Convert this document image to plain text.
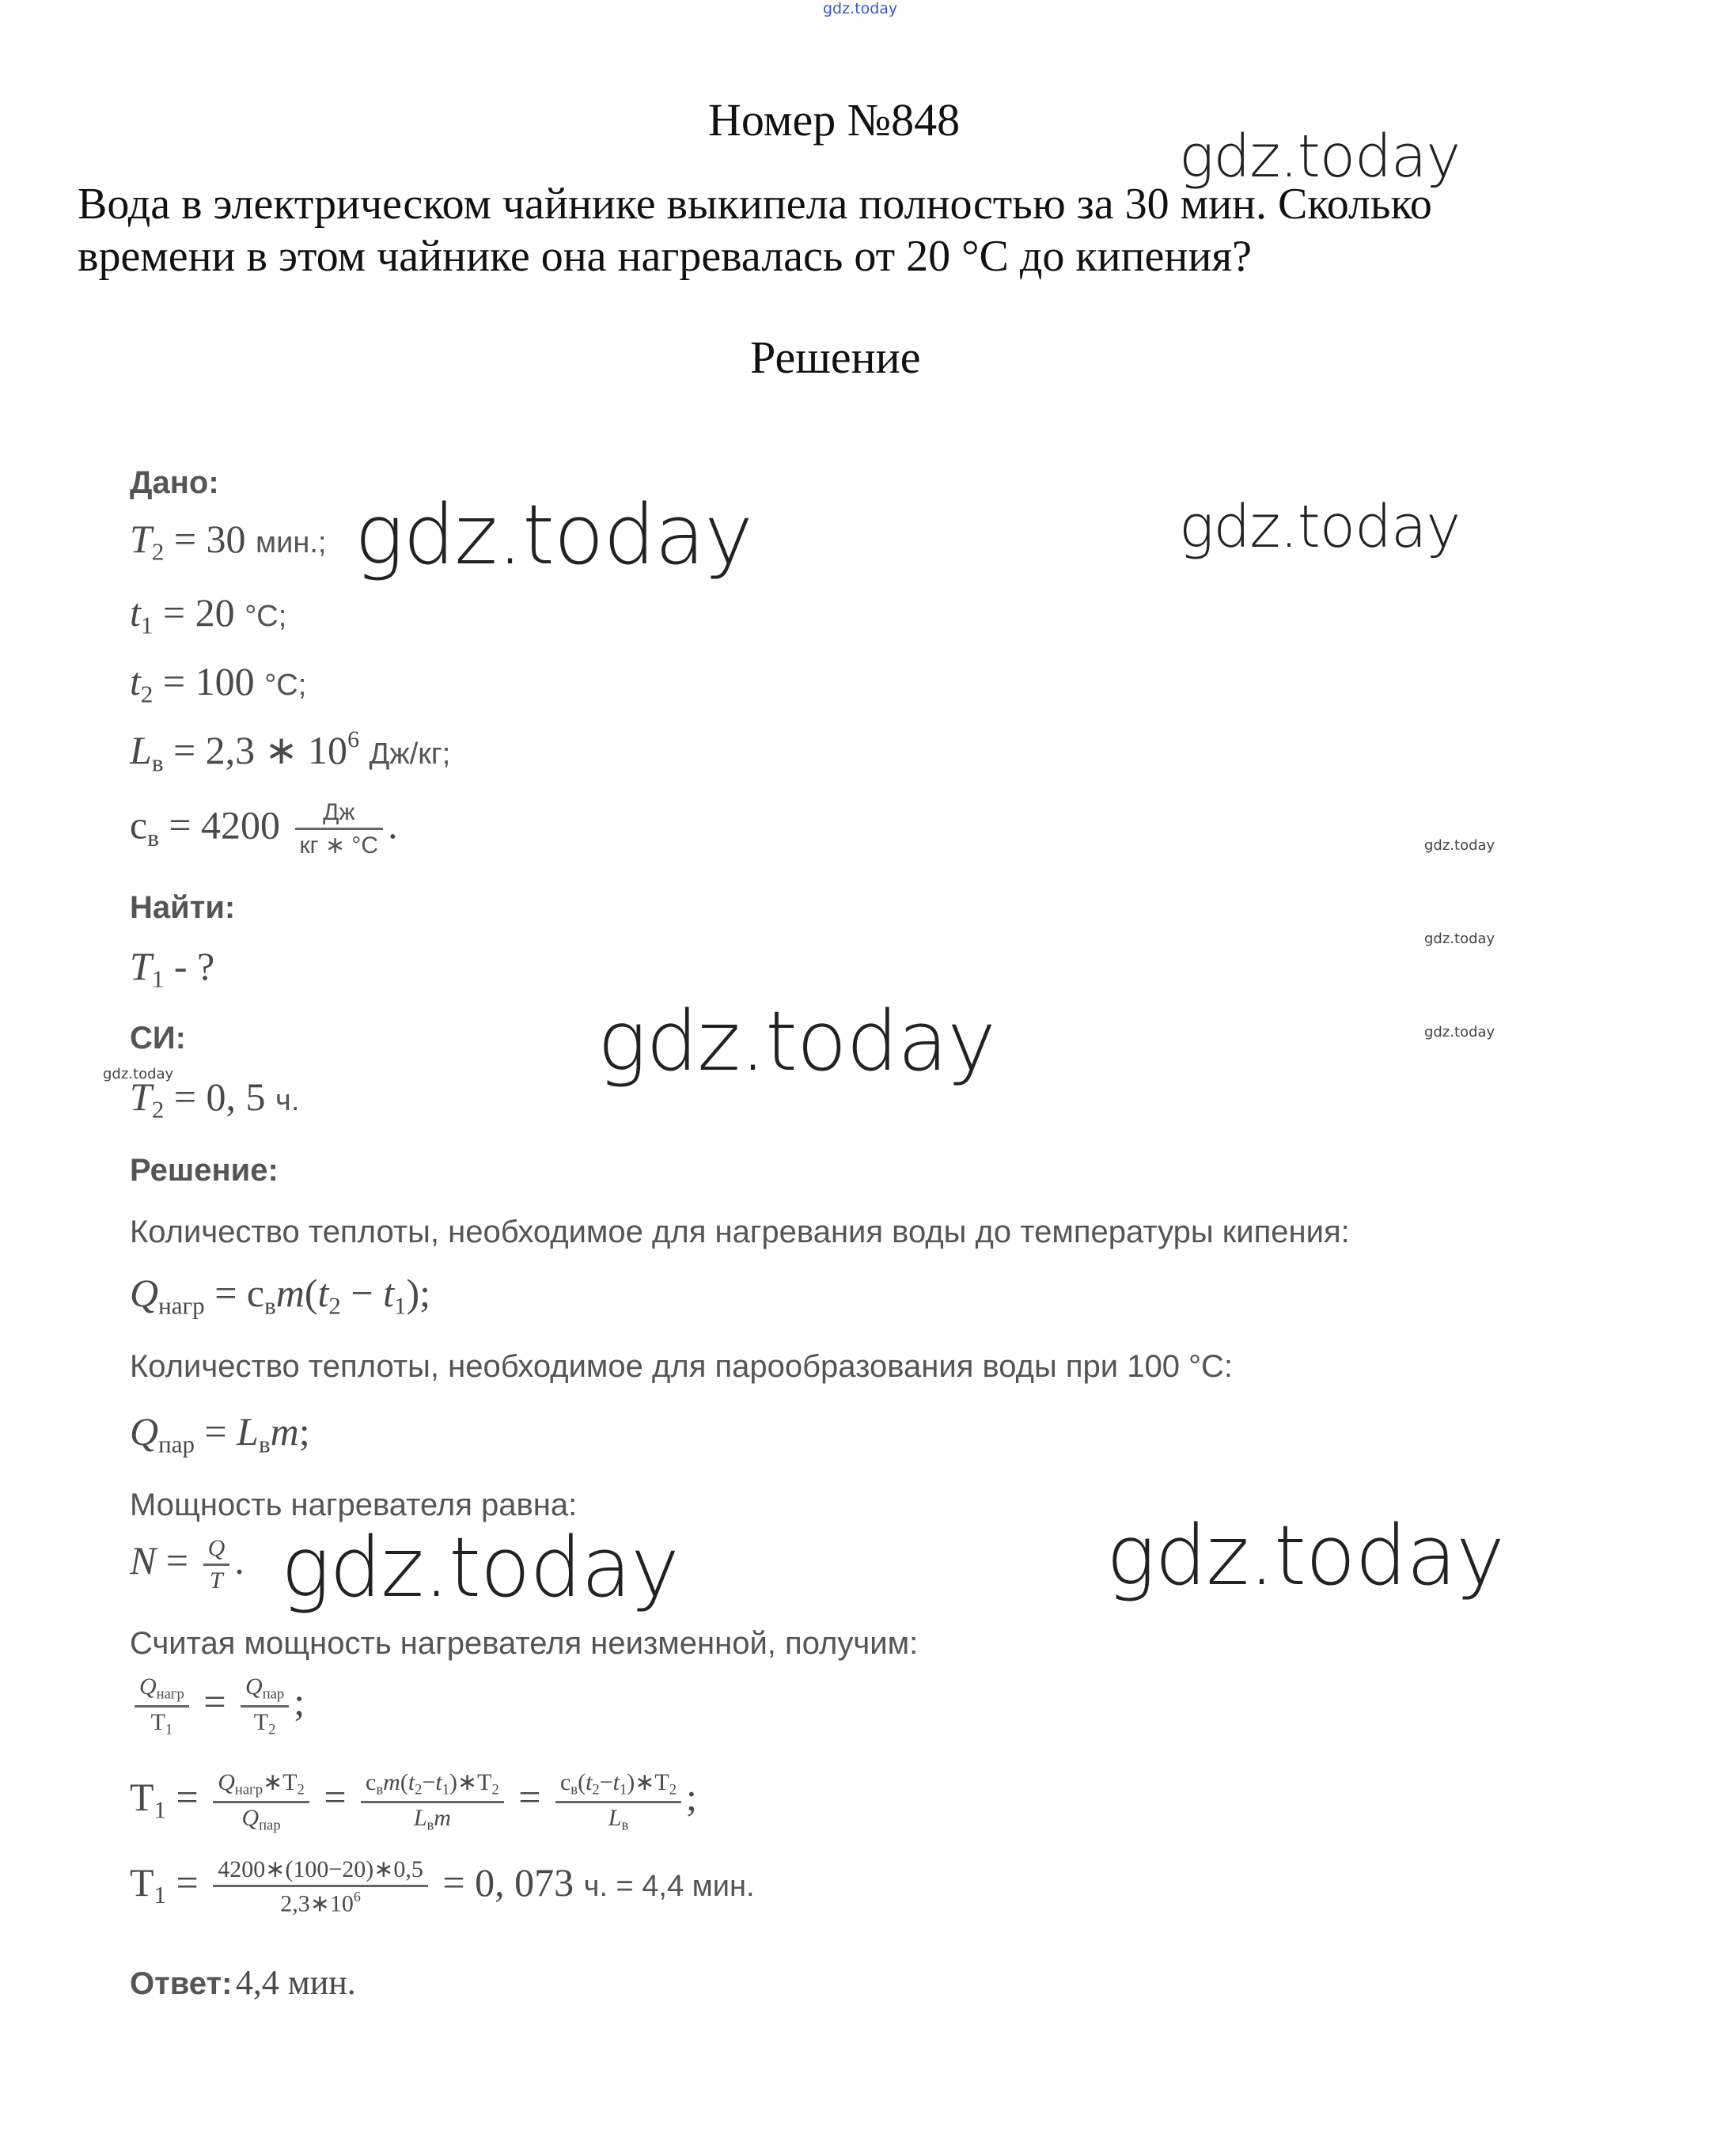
gdz.today
gdz.today
gdz.today	gdz.today
gdz.today
gdz.today
gdz.today
gdz.today
gdz.today
gdz.today	gdz.today
Номер №848
Вода в электрическом чайнике выкипела полностью за 30 мин. Сколько
времени в этом чайнике она нагревалась от 20 °С до кипения?
Решение
Дано:
$T_2 = 30$ мин.;
$t_1 = 20$ °C;
$t_2 = 100$ °C;
$L_в = 2,3$ ∗ $10^6$ Дж/кг;
$c_в = 4200 \frac{Дж}{кг ∗ ^\circ C}$ .
Найти:
$T_1$ - ?
СИ:
$T_2 = 0$, 5 ч.
Решение:
Количество теплоты, необходимое для нагревания воды до температуры кипения:
$Q_{нагр} = c_вm(t_2 - t_1)$;
Количество теплоты, необходимое для парообразования воды при 100 °С:
$Q_{пар} = L_вm$;
Мощность нагревателя равна:
$N = \frac{Q}{T}$ .
Считая мощность нагревателя неизменной, получим:
$\frac{Q_{нагр}}{T_1} = \frac{Q_{пар}}{T_2}$ ;
$T_1 = \frac{Q_{нагр}∗T_2}{Q_{пар}} = \frac{c_вm(t_2-t_1)∗T_2}{L_вm} = \frac{c_в(t_2-t_1)∗T_2}{L_в}$ ;
$T_1 = \frac{4200∗(100-20)∗0,5}{2,3∗10^6} = 0$, 073 ч. = 4,4 мин.
Ответ: 4,4 мин.
